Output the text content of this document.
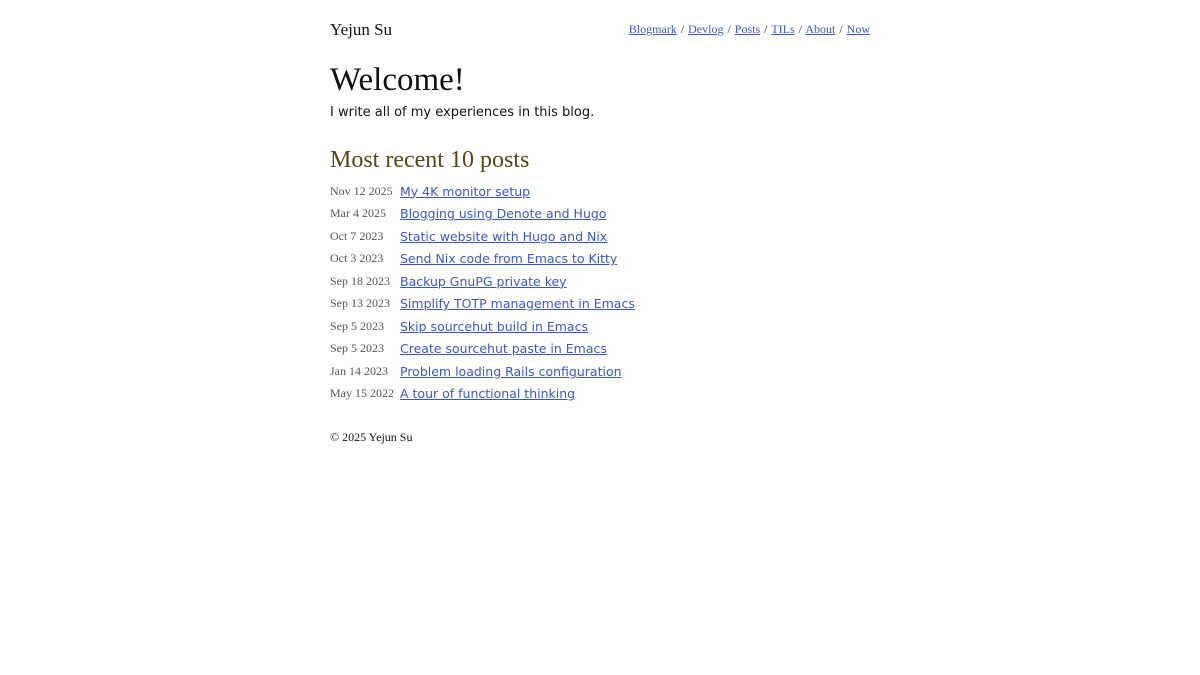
Yejun Su	Blogmark / Devlog / Posts / TILs / About / Now
Welcome!

I write all of my experiences in this blog.

Most recent 10 posts
Nov 12 2025 My 4K monitor setup
Mar 4 2025	Blogging using Denote and Hugo
Oct 7 2023	Static website with Hugo and Nix
Oct 3 2023	Send Nix code from Emacs to Kitty
Sep 18 2023 Backup GnuPG private key
Sep 13 2023 Simplify TOTP management in Emacs
Sep 5 2023	Skip sourcehut build in Emacs
Sep 5 2023	Create sourcehut paste in Emacs
Jan 14 2023 Problem loading Rails configuration
May 15 2022 A tour of functional thinking
© 2025 Yejun Su
